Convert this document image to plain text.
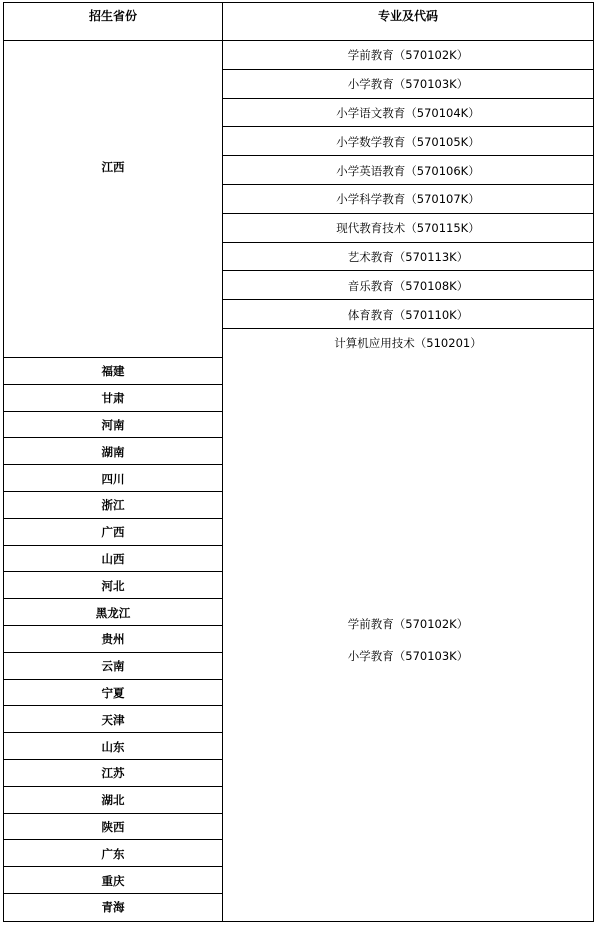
招生省份	专业及代码
江西
学前教育（570102K）
小学教育（570103K）
小学语文教育（570104K）
小学数学教育（570105K）
小学英语教育（570106K）
小学科学教育（570107K）
现代教育技术（570115K）
艺术教育（570113K）
音乐教育（570108K）
体育教育（570110K）
计算机应用技术（510201）
福建
甘肃
河南
湖南
四川
浙江
广西
山西
河北
黑龙江
贵州
云南
宁夏
天津
山东
江苏
湖北
陕西
广东
重庆
青海
学前教育（570102K）
小学教育（570103K）
